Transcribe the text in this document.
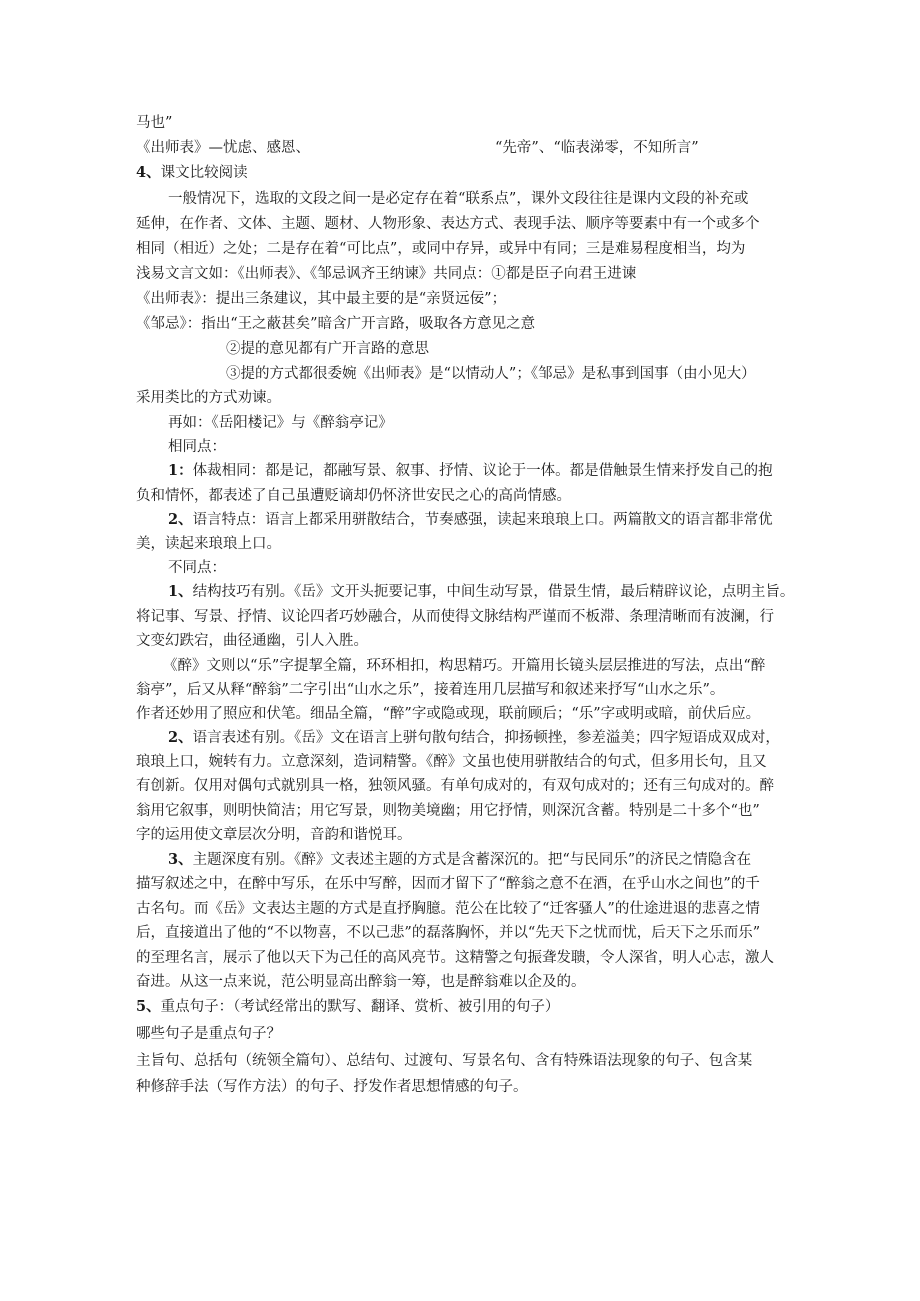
马也”
《出师表》—忧虑、感恩、	“先帝”、“临表涕零，不知所言”
4、课文比较阅读
一般情况下，选取的文段之间一是必定存在着“联系点”，课外文段往往是课内文段的补充或
延伸，在作者、文体、主题、题材、人物形象、表达方式、表现手法、顺序等要素中有一个或多个
相同（相近）之处；二是存在着“可比点”，或同中存异，或异中有同；三是难易程度相当，均为
浅易文言文如：《出师表》、《邹忌讽齐王纳谏》共同点：①都是臣子向君王进谏
《出师表》：提出三条建议，其中最主要的是“亲贤远佞”；
《邹忌》：指出“王之蔽甚矣”暗含广开言路，吸取各方意见之意
②提的意见都有广开言路的意思
③提的方式都很委婉《出师表》是“以情动人”；《邹忌》是私事到国事（由小见大）
采用类比的方式劝谏。
再如：《岳阳楼记》与《醉翁亭记》
相同点：
1：体裁相同：都是记，都融写景、叙事、抒情、议论于一体。都是借触景生情来抒发自己的抱
负和情怀，都表述了自己虽遭贬谪却仍怀济世安民之心的高尚情感。
2、语言特点：语言上都采用骈散结合，节奏感强，读起来琅琅上口。两篇散文的语言都非常优
美，读起来琅琅上口。
不同点：
1、结构技巧有别。《岳》文开头扼要记事，中间生动写景，借景生情，最后精辟议论，点明主旨。
将记事、写景、抒情、议论四者巧妙融合，从而使得文脉结构严谨而不板滞、条理清晰而有波澜，行
文变幻跌宕，曲径通幽，引人入胜。
《醉》文则以“乐”字提挈全篇，环环相扣，构思精巧。开篇用长镜头层层推进的写法，点出“醉
翁亭”，后又从释“醉翁”二字引出“山水之乐”，接着连用几层描写和叙述来抒写“山水之乐”。
作者还妙用了照应和伏笔。细品全篇，“醉”字或隐或现，联前顾后；“乐”字或明或暗，前伏后应。
2、语言表述有别。《岳》文在语言上骈句散句结合，抑扬顿挫，参差溢美；四字短语成双成对，
琅琅上口，婉转有力。立意深刻，造词精警。《醉》文虽也使用骈散结合的句式，但多用长句，且又
有创新。仅用对偶句式就别具一格，独领风骚。有单句成对的，有双句成对的；还有三句成对的。醉
翁用它叙事，则明快简洁；用它写景，则物美境幽；用它抒情，则深沉含蓄。特别是二十多个“也”
字的运用使文章层次分明，音韵和谐悦耳。
3、主题深度有别。《醉》文表述主题的方式是含蓄深沉的。把“与民同乐”的济民之情隐含在
描写叙述之中，在醉中写乐，在乐中写醉，因而才留下了“醉翁之意不在酒，在乎山水之间也”的千
古名句。而《岳》文表达主题的方式是直抒胸臆。范公在比较了“迁客骚人”的仕途进退的悲喜之情
后，直接道出了他的“不以物喜，不以己悲”的磊落胸怀，并以“先天下之忧而忧，后天下之乐而乐”
的至理名言，展示了他以天下为己任的高风亮节。这精警之句振聋发聩，令人深省，明人心志，激人
奋进。从这一点来说，范公明显高出醉翁一筹，也是醉翁难以企及的。
5、重点句子：（考试经常出的默写、翻译、赏析、被引用的句子）
哪些句子是重点句子？
主旨句、总括句（统领全篇句）、总结句、过渡句、写景名句、含有特殊语法现象的句子、包含某
种修辞手法（写作方法）的句子、抒发作者思想情感的句子。
